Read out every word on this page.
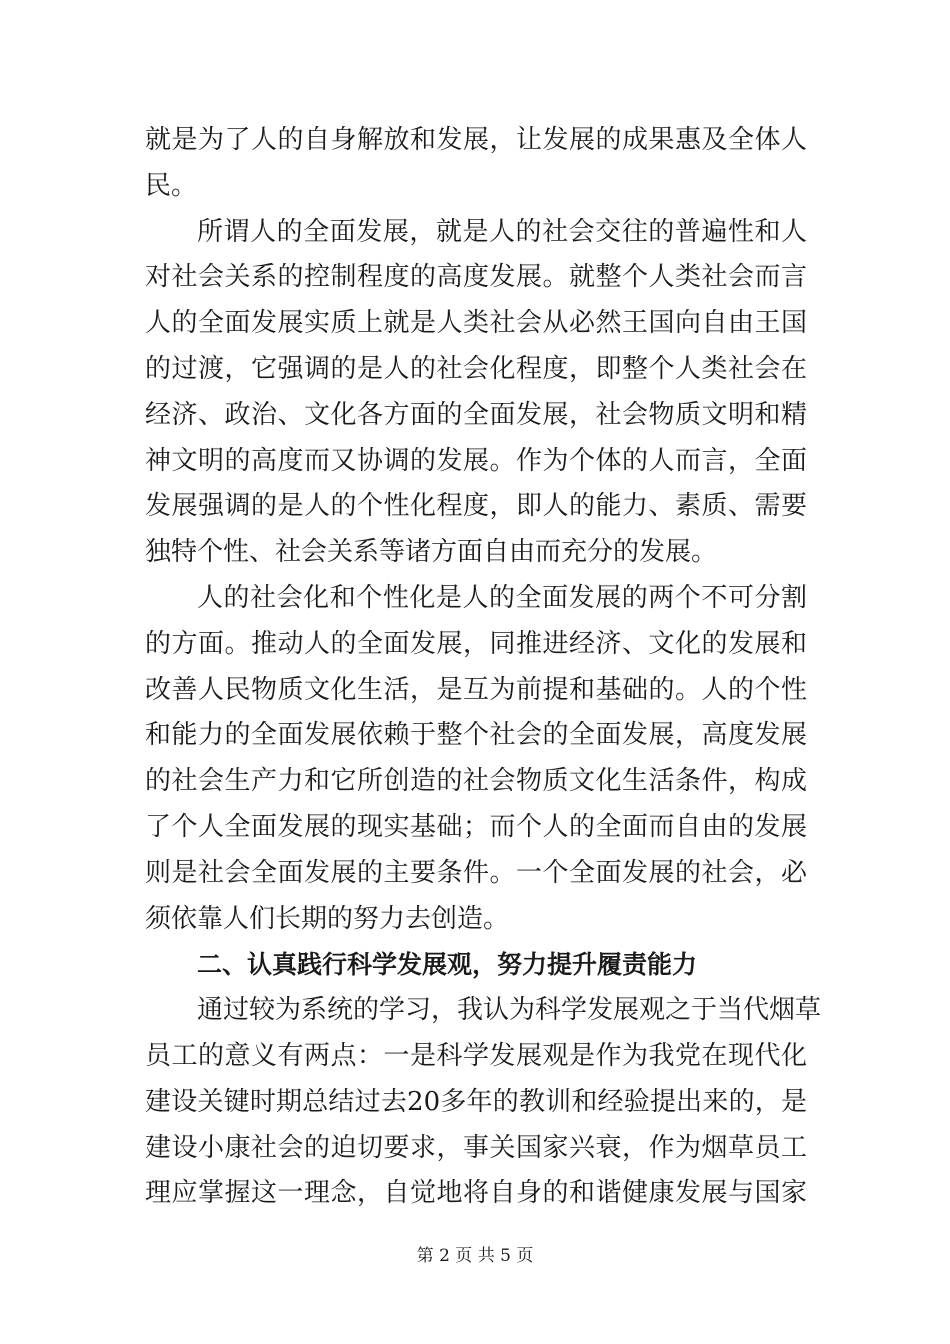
就是为了人的自身解放和发展，让发展的成果惠及全体人
民。
所谓人的全面发展，就是人的社会交往的普遍性和人
对社会关系的控制程度的高度发展。就整个人类社会而言
人的全面发展实质上就是人类社会从必然王国向自由王国
的过渡，它强调的是人的社会化程度，即整个人类社会在
经济、政治、文化各方面的全面发展，社会物质文明和精
神文明的高度而又协调的发展。作为个体的人而言，全面
发展强调的是人的个性化程度，即人的能力、素质、需要
独特个性、社会关系等诸方面自由而充分的发展。
人的社会化和个性化是人的全面发展的两个不可分割
的方面。推动人的全面发展，同推进经济、文化的发展和
改善人民物质文化生活，是互为前提和基础的。人的个性
和能力的全面发展依赖于整个社会的全面发展，高度发展
的社会生产力和它所创造的社会物质文化生活条件，构成
了个人全面发展的现实基础；而个人的全面而自由的发展
则是社会全面发展的主要条件。一个全面发展的社会，必
须依靠人们长期的努力去创造。
二、认真践行科学发展观，努力提升履责能力
通过较为系统的学习，我认为科学发展观之于当代烟草
员工的意义有两点：一是科学发展观是作为我党在现代化
建设关键时期总结过去20多年的教训和经验提出来的，是
建设小康社会的迫切要求，事关国家兴衰，作为烟草员工
理应掌握这一理念，自觉地将自身的和谐健康发展与国家
第 2 页 共 5 页
